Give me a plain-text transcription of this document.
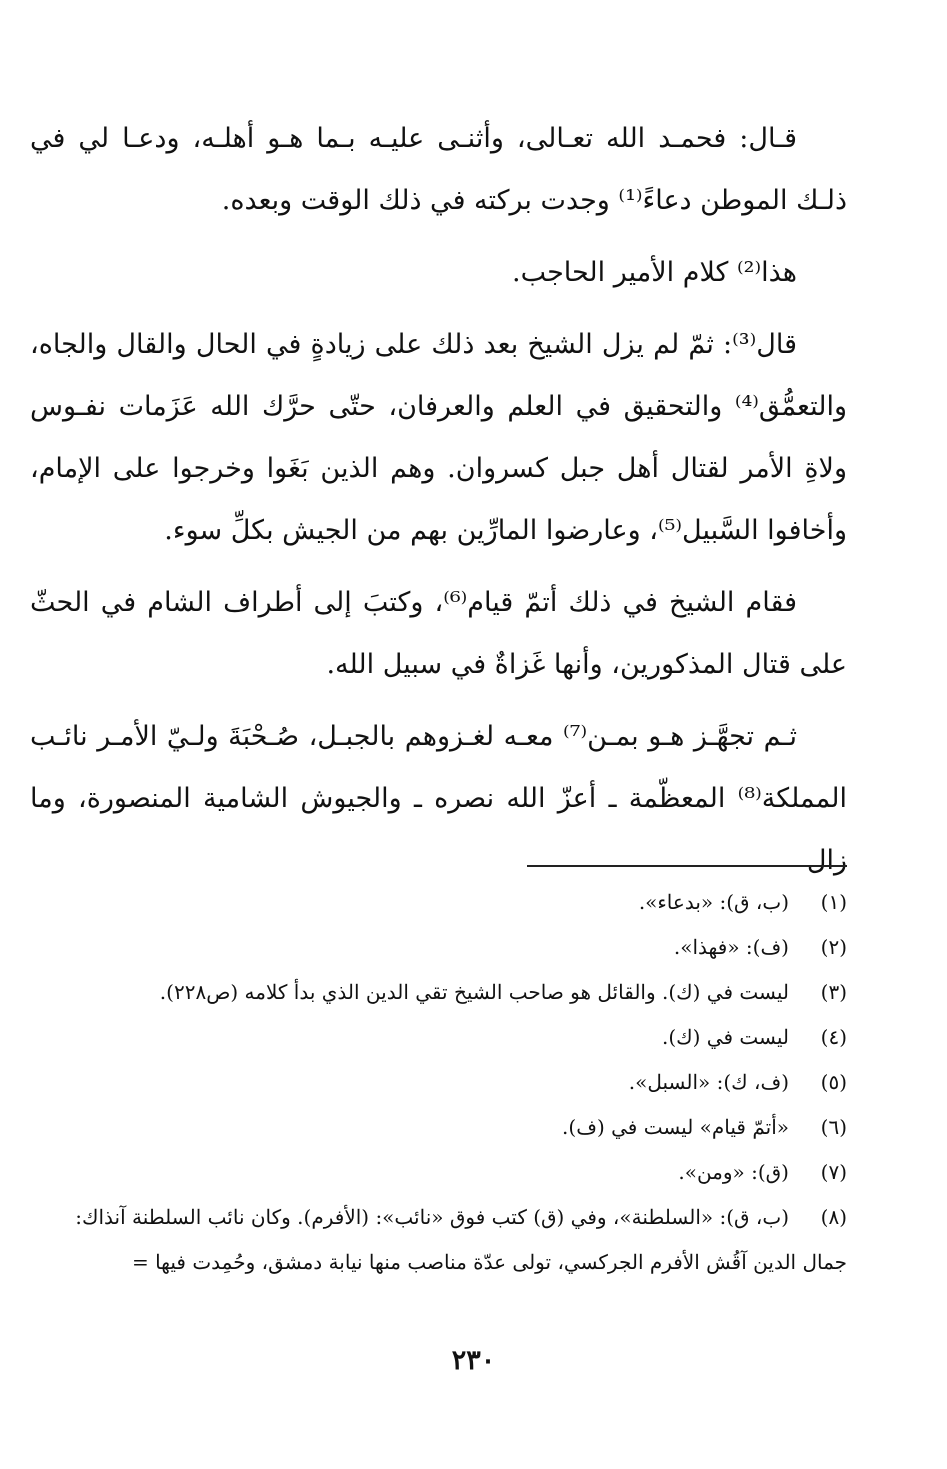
قـال: فحمـد الله تعـالى، وأثنـى عليـه بـما هـو أهلـه، ودعـا لي في ذلـك الموطن دعاءً⁽¹⁾ وجدت بركته في ذلك الوقت وبعده.

هذا⁽²⁾ كلام الأمير الحاجب.

قال⁽³⁾: ثمّ لم يزل الشيخ بعد ذلك على زيادةٍ في الحال والقال والجاه، والتعمُّق⁽⁴⁾ والتحقيق في العلم والعرفان، حتّى حرَّك الله عَزَمات نفـوس ولاةِ الأمر لقتال أهل جبل كسروان. وهم الذين بَغَوا وخرجوا على الإمام، وأخافوا السَّبيل⁽⁵⁾، وعارضوا المارِّين بهم من الجيش بكلِّ سوء.

فقام الشيخ في ذلك أتمّ قيام⁽⁶⁾، وكتبَ إلى أطراف الشام في الحثّ على قتال المذكورين، وأنها غَزاةٌ في سبيل الله.

ثـم تجهَّـز هـو بمـن⁽⁷⁾ معـه لغـزوهم بالجبـل، صُـحْبَةَ ولـيّ الأمـر نائـب المملكة⁽⁸⁾ المعظّمة ـ أعزّ الله نصره ـ والجيوش الشامية المنصورة، وما زال

(١)
(ب، ق): «بدعاء».
(٢)
(ف): «فهذا».
(٣)
ليست في (ك). والقائل هو صاحب الشيخ تقي الدين الذي بدأ كلامه (ص٢٢٨).
(٤)
ليست في (ك).
(٥)
(ف، ك): «السبل».
(٦)
«أتمّ قيام» ليست في (ف).
(٧)
(ق): «ومن».
(٨)
(ب، ق): «السلطنة»، وفي (ق) كتب فوق «نائب»: (الأفرم). وكان نائب السلطنة آنذاك:
جمال الدين آقُش الأفرم الجركسي، تولى عدّة مناصب منها نيابة دمشق، وحُمِدت فيها =
٢٣٠
